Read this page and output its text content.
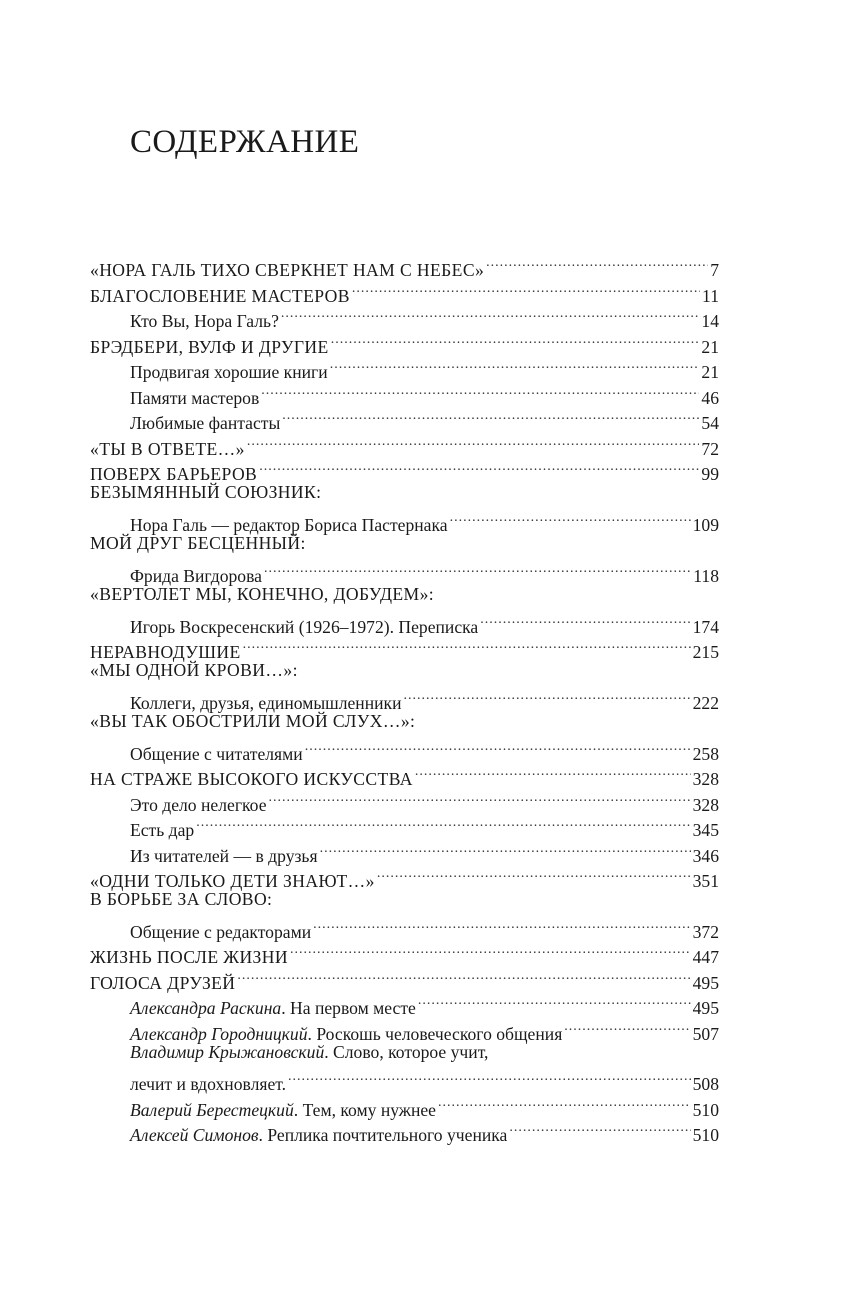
СОДЕРЖАНИЕ
«НОРА ГАЛЬ ТИХО СВЕРКНЕТ НАМ С НЕБЕС» .....	7
БЛАГОСЛОВЕНИЕ МАСТЕРОВ .....	11
Кто Вы, Нора Галь? .....	14
БРЭДБЕРИ, ВУЛФ И ДРУГИЕ .....	21
Продвигая хорошие книги .....	21
Памяти мастеров .....	46
Любимые фантасты .....	54
«ТЫ В ОТВЕТЕ…» .....	72
ПОВЕРХ БАРЬЕРОВ .....	99
БЕЗЫМЯННЫЙ СОЮЗНИК:
Нора Галь — редактор Бориса Пастернака .....	109
МОЙ ДРУГ БЕСЦЕННЫЙ:
Фрида Вигдорова .....	118
«ВЕРТОЛЕТ МЫ, КОНЕЧНО, ДОБУДЕМ»:
Игорь Воскресенский (1926–1972). Переписка .....	174
НЕРАВНОДУШИЕ .....	215
«МЫ ОДНОЙ КРОВИ…»:
Коллеги, друзья, единомышленники .....	222
«ВЫ ТАК ОБОСТРИЛИ МОЙ СЛУХ…»:
Общение с читателями .....	258
НА СТРАЖЕ ВЫСОКОГО ИСКУССТВА .....	328
Это дело нелегкое .....	328
Есть дар .....	345
Из читателей — в друзья .....	346
«ОДНИ ТОЛЬКО ДЕТИ ЗНАЮТ…» .....	351
В БОРЬБЕ ЗА СЛОВО:
Общение с редакторами .....	372
ЖИЗНЬ ПОСЛЕ ЖИЗНИ .....	447
ГОЛОСА ДРУЗЕЙ .....	495
Александра Раскина. На первом месте .....	495
Александр Городницкий. Роскошь человеческого общения .....	507
Владимир Крыжановский. Слово, которое учит,
лечит и вдохновляет. .....	508
Валерий Берестецкий. Тем, кому нужнее .....	510
Алексей Симонов. Реплика почтительного ученика .....	510
